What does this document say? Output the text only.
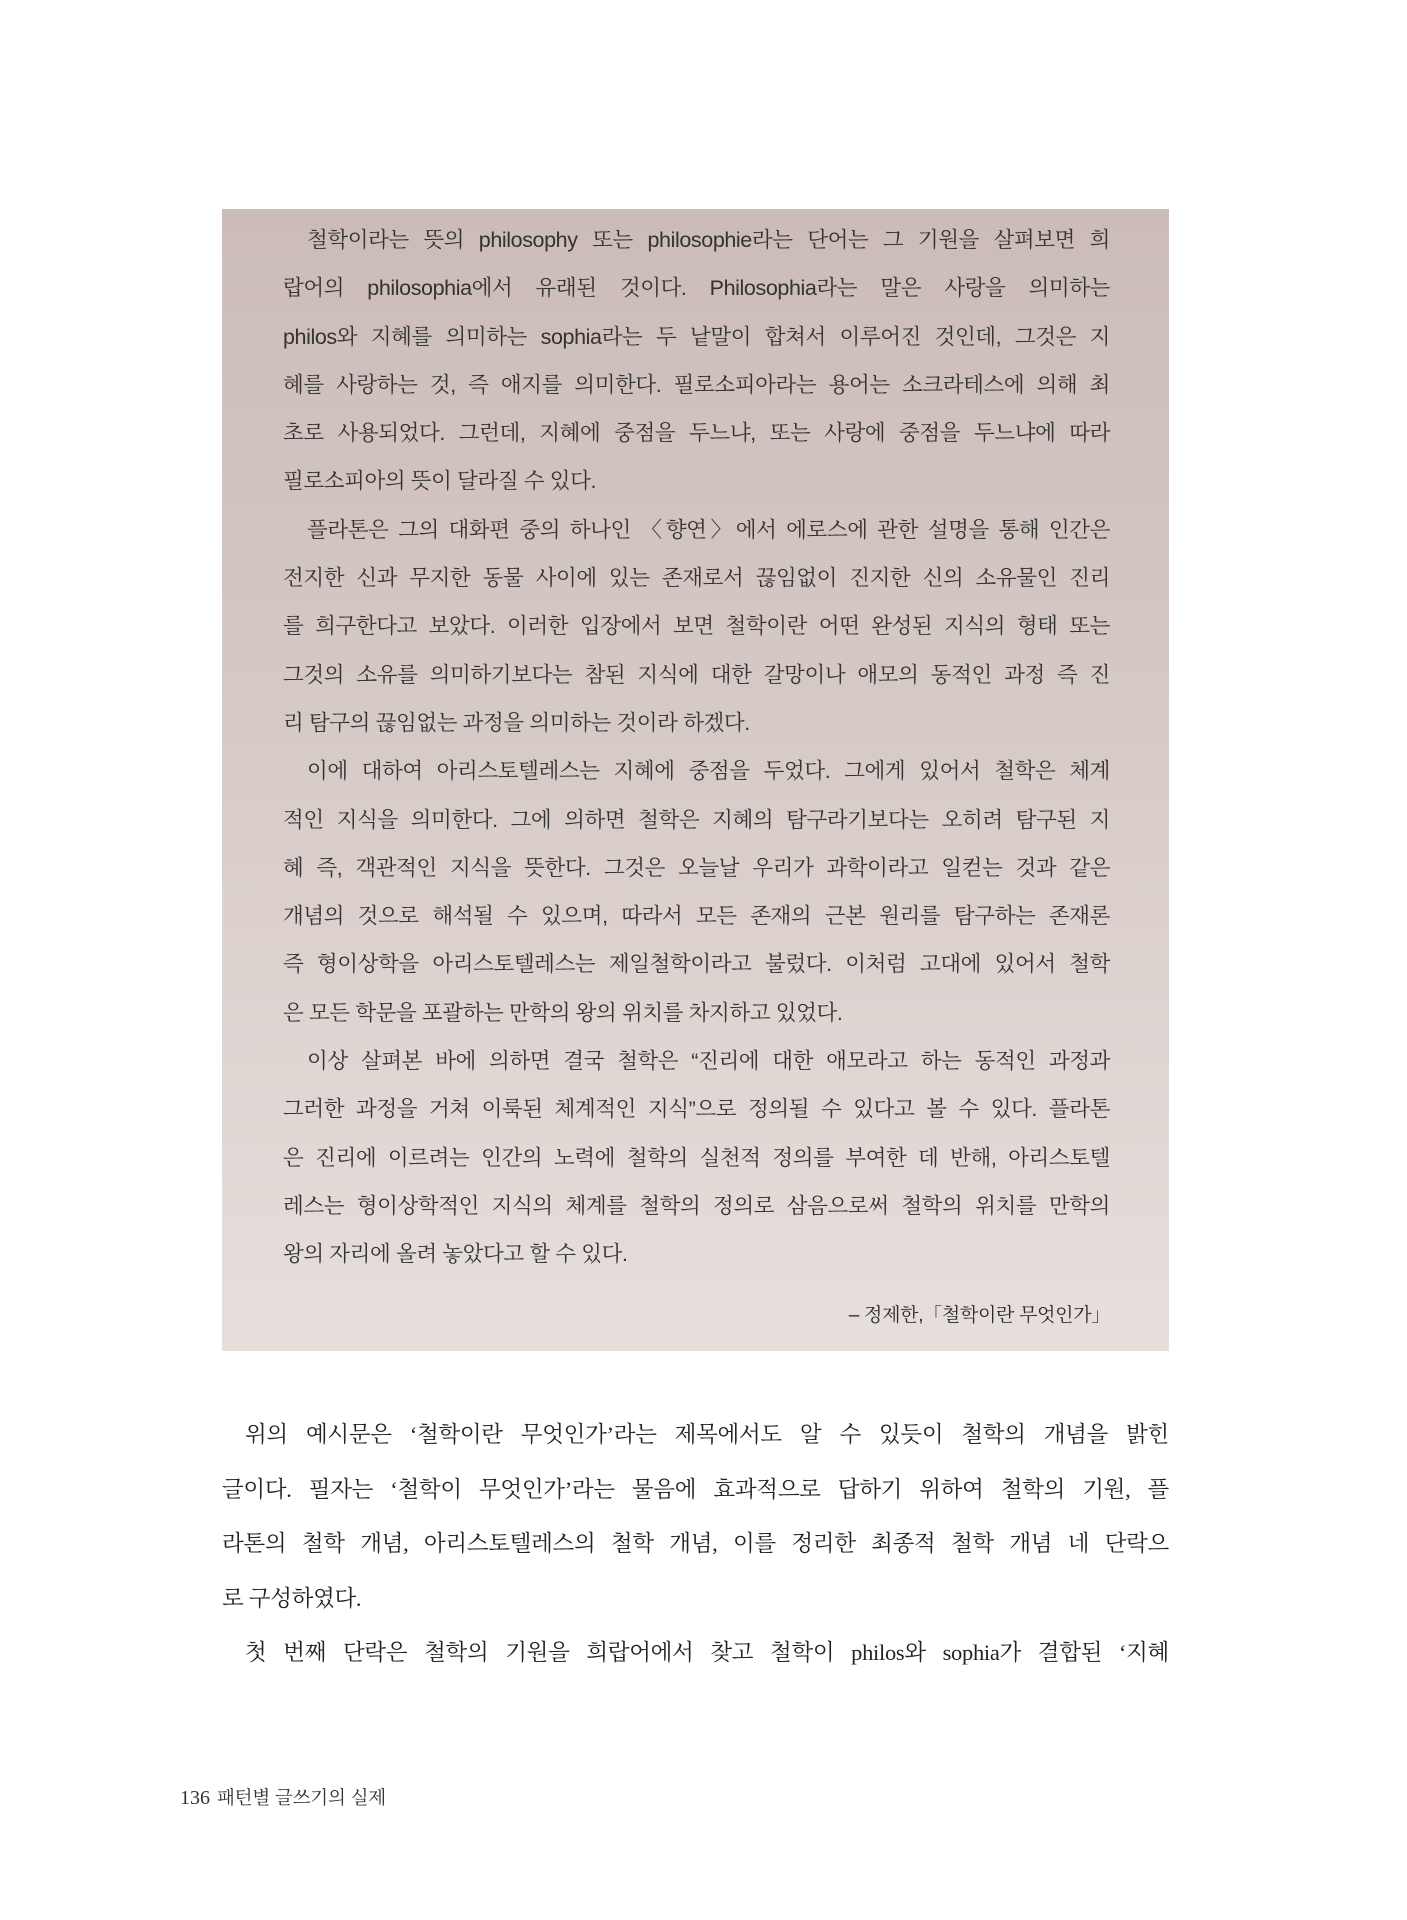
철학이라는 뜻의 philosophy 또는 philosophie라는 단어는 그 기원을 살펴보면 희
랍어의 philosophia에서 유래된 것이다. Philosophia라는 말은 사랑을 의미하는
philos와 지혜를 의미하는 sophia라는 두 낱말이 합쳐서 이루어진 것인데, 그것은 지
혜를 사랑하는 것, 즉 애지를 의미한다. 필로소피아라는 용어는 소크라테스에 의해 최
초로 사용되었다. 그런데, 지혜에 중점을 두느냐, 또는 사랑에 중점을 두느냐에 따라
필로소피아의 뜻이 달라질 수 있다.
플라톤은 그의 대화편 중의 하나인 〈향연〉에서 에로스에 관한 설명을 통해 인간은
전지한 신과 무지한 동물 사이에 있는 존재로서 끊임없이 진지한 신의 소유물인 진리
를 희구한다고 보았다. 이러한 입장에서 보면 철학이란 어떤 완성된 지식의 형태 또는
그것의 소유를 의미하기보다는 참된 지식에 대한 갈망이나 애모의 동적인 과정 즉 진
리 탐구의 끊임없는 과정을 의미하는 것이라 하겠다.
이에 대하여 아리스토텔레스는 지혜에 중점을 두었다. 그에게 있어서 철학은 체계
적인 지식을 의미한다. 그에 의하면 철학은 지혜의 탐구라기보다는 오히려 탐구된 지
혜 즉, 객관적인 지식을 뜻한다. 그것은 오늘날 우리가 과학이라고 일컫는 것과 같은
개념의 것으로 해석될 수 있으며, 따라서 모든 존재의 근본 원리를 탐구하는 존재론
즉 형이상학을 아리스토텔레스는 제일철학이라고 불렀다. 이처럼 고대에 있어서 철학
은 모든 학문을 포괄하는 만학의 왕의 위치를 차지하고 있었다.
이상 살펴본 바에 의하면 결국 철학은 “진리에 대한 애모라고 하는 동적인 과정과
그러한 과정을 거쳐 이룩된 체계적인 지식”으로 정의될 수 있다고 볼 수 있다. 플라톤
은 진리에 이르려는 인간의 노력에 철학의 실천적 정의를 부여한 데 반해, 아리스토텔
레스는 형이상학적인 지식의 체계를 철학의 정의로 삼음으로써 철학의 위치를 만학의
왕의 자리에 올려 놓았다고 할 수 있다.
– 정제한,「철학이란 무엇인가」
위의 예시문은 ‘철학이란 무엇인가’라는 제목에서도 알 수 있듯이 철학의 개념을 밝힌
글이다. 필자는 ‘철학이 무엇인가’라는 물음에 효과적으로 답하기 위하여 철학의 기원, 플
라톤의 철학 개념, 아리스토텔레스의 철학 개념, 이를 정리한 최종적 철학 개념 네 단락으
로 구성하였다.
첫 번째 단락은 철학의 기원을 희랍어에서 찾고 철학이 philos와 sophia가 결합된 ‘지혜
136 패턴별 글쓰기의 실제
